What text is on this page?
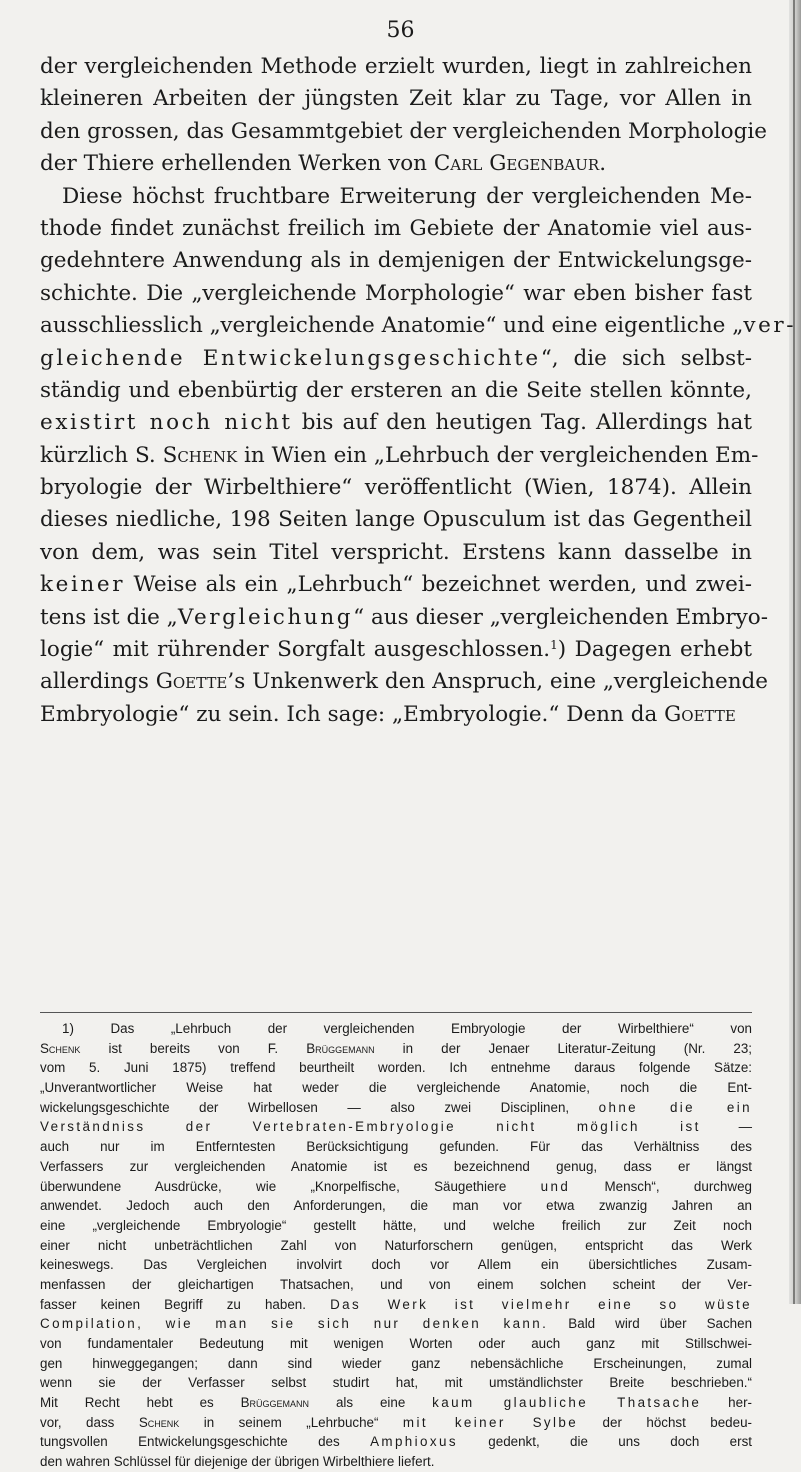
56
der vergleichenden Methode erzielt wurden, liegt in zahlreichen
kleineren Arbeiten der jüngsten Zeit klar zu Tage, vor Allen in
den grossen, das Gesammtgebiet der vergleichenden Morphologie
der Thiere erhellenden Werken von Carl Gegenbaur.
Diese höchst fruchtbare Erweiterung der vergleichenden Me-
thode findet zunächst freilich im Gebiete der Anatomie viel aus-
gedehntere Anwendung als in demjenigen der Entwickelungsge-
schichte. Die „vergleichende Morphologie“ war eben bisher fast
ausschliesslich „vergleichende Anatomie“ und eine eigentliche „ver-
gleichende Entwickelungsgeschichte“, die sich selbst-
ständig und ebenbürtig der ersteren an die Seite stellen könnte,
existirt noch nicht bis auf den heutigen Tag. Allerdings hat
kürzlich S. Schenk in Wien ein „Lehrbuch der vergleichenden Em-
bryologie der Wirbelthiere“ veröffentlicht (Wien, 1874). Allein
dieses niedliche, 198 Seiten lange Opusculum ist das Gegentheil
von dem, was sein Titel verspricht. Erstens kann dasselbe in
keiner Weise als ein „Lehrbuch“ bezeichnet werden, und zwei-
tens ist die „Vergleichung“ aus dieser „vergleichenden Embryo-
logie“ mit rührender Sorgfalt ausgeschlossen.$^1$) Dagegen erhebt
allerdings Goette’s Unkenwerk den Anspruch, eine „vergleichende
Embryologie“ zu sein. Ich sage: „Embryologie.“ Denn da Goette
1) Das „Lehrbuch der vergleichenden Embryologie der Wirbelthiere“ von
Schenk ist bereits von F. Brüggemann in der Jenaer Literatur-Zeitung (Nr. 23;
vom 5. Juni 1875) treffend beurtheilt worden. Ich entnehme daraus folgende Sätze:
„Unverantwortlicher Weise hat weder die vergleichende Anatomie, noch die Ent-
wickelungsgeschichte der Wirbellosen — also zwei Disciplinen, ohne die ein
Verständniss der Vertebraten-Embryologie nicht möglich ist —
auch nur im Entferntesten Berücksichtigung gefunden. Für das Verhältniss des
Verfassers zur vergleichenden Anatomie ist es bezeichnend genug, dass er längst
überwundene Ausdrücke, wie „Knorpelfische, Säugethiere und Mensch“, durchweg
anwendet. Jedoch auch den Anforderungen, die man vor etwa zwanzig Jahren an
eine „vergleichende Embryologie“ gestellt hätte, und welche freilich zur Zeit noch
einer nicht unbeträchtlichen Zahl von Naturforschern genügen, entspricht das Werk
keineswegs. Das Vergleichen involvirt doch vor Allem ein übersichtliches Zusam-
menfassen der gleichartigen Thatsachen, und von einem solchen scheint der Ver-
fasser keinen Begriff zu haben. Das Werk ist vielmehr eine so wüste
Compilation, wie man sie sich nur denken kann. Bald wird über Sachen
von fundamentaler Bedeutung mit wenigen Worten oder auch ganz mit Stillschwei-
gen hinweggegangen; dann sind wieder ganz nebensächliche Erscheinungen, zumal
wenn sie der Verfasser selbst studirt hat, mit umständlichster Breite beschrieben.“
Mit Recht hebt es Brüggemann als eine kaum glaubliche Thatsache her-
vor, dass Schenk in seinem „Lehrbuche“ mit keiner Sylbe der höchst bedeu-
tungsvollen Entwickelungsgeschichte des Amphioxus gedenkt, die uns doch erst
den wahren Schlüssel für diejenige der übrigen Wirbelthiere liefert.
